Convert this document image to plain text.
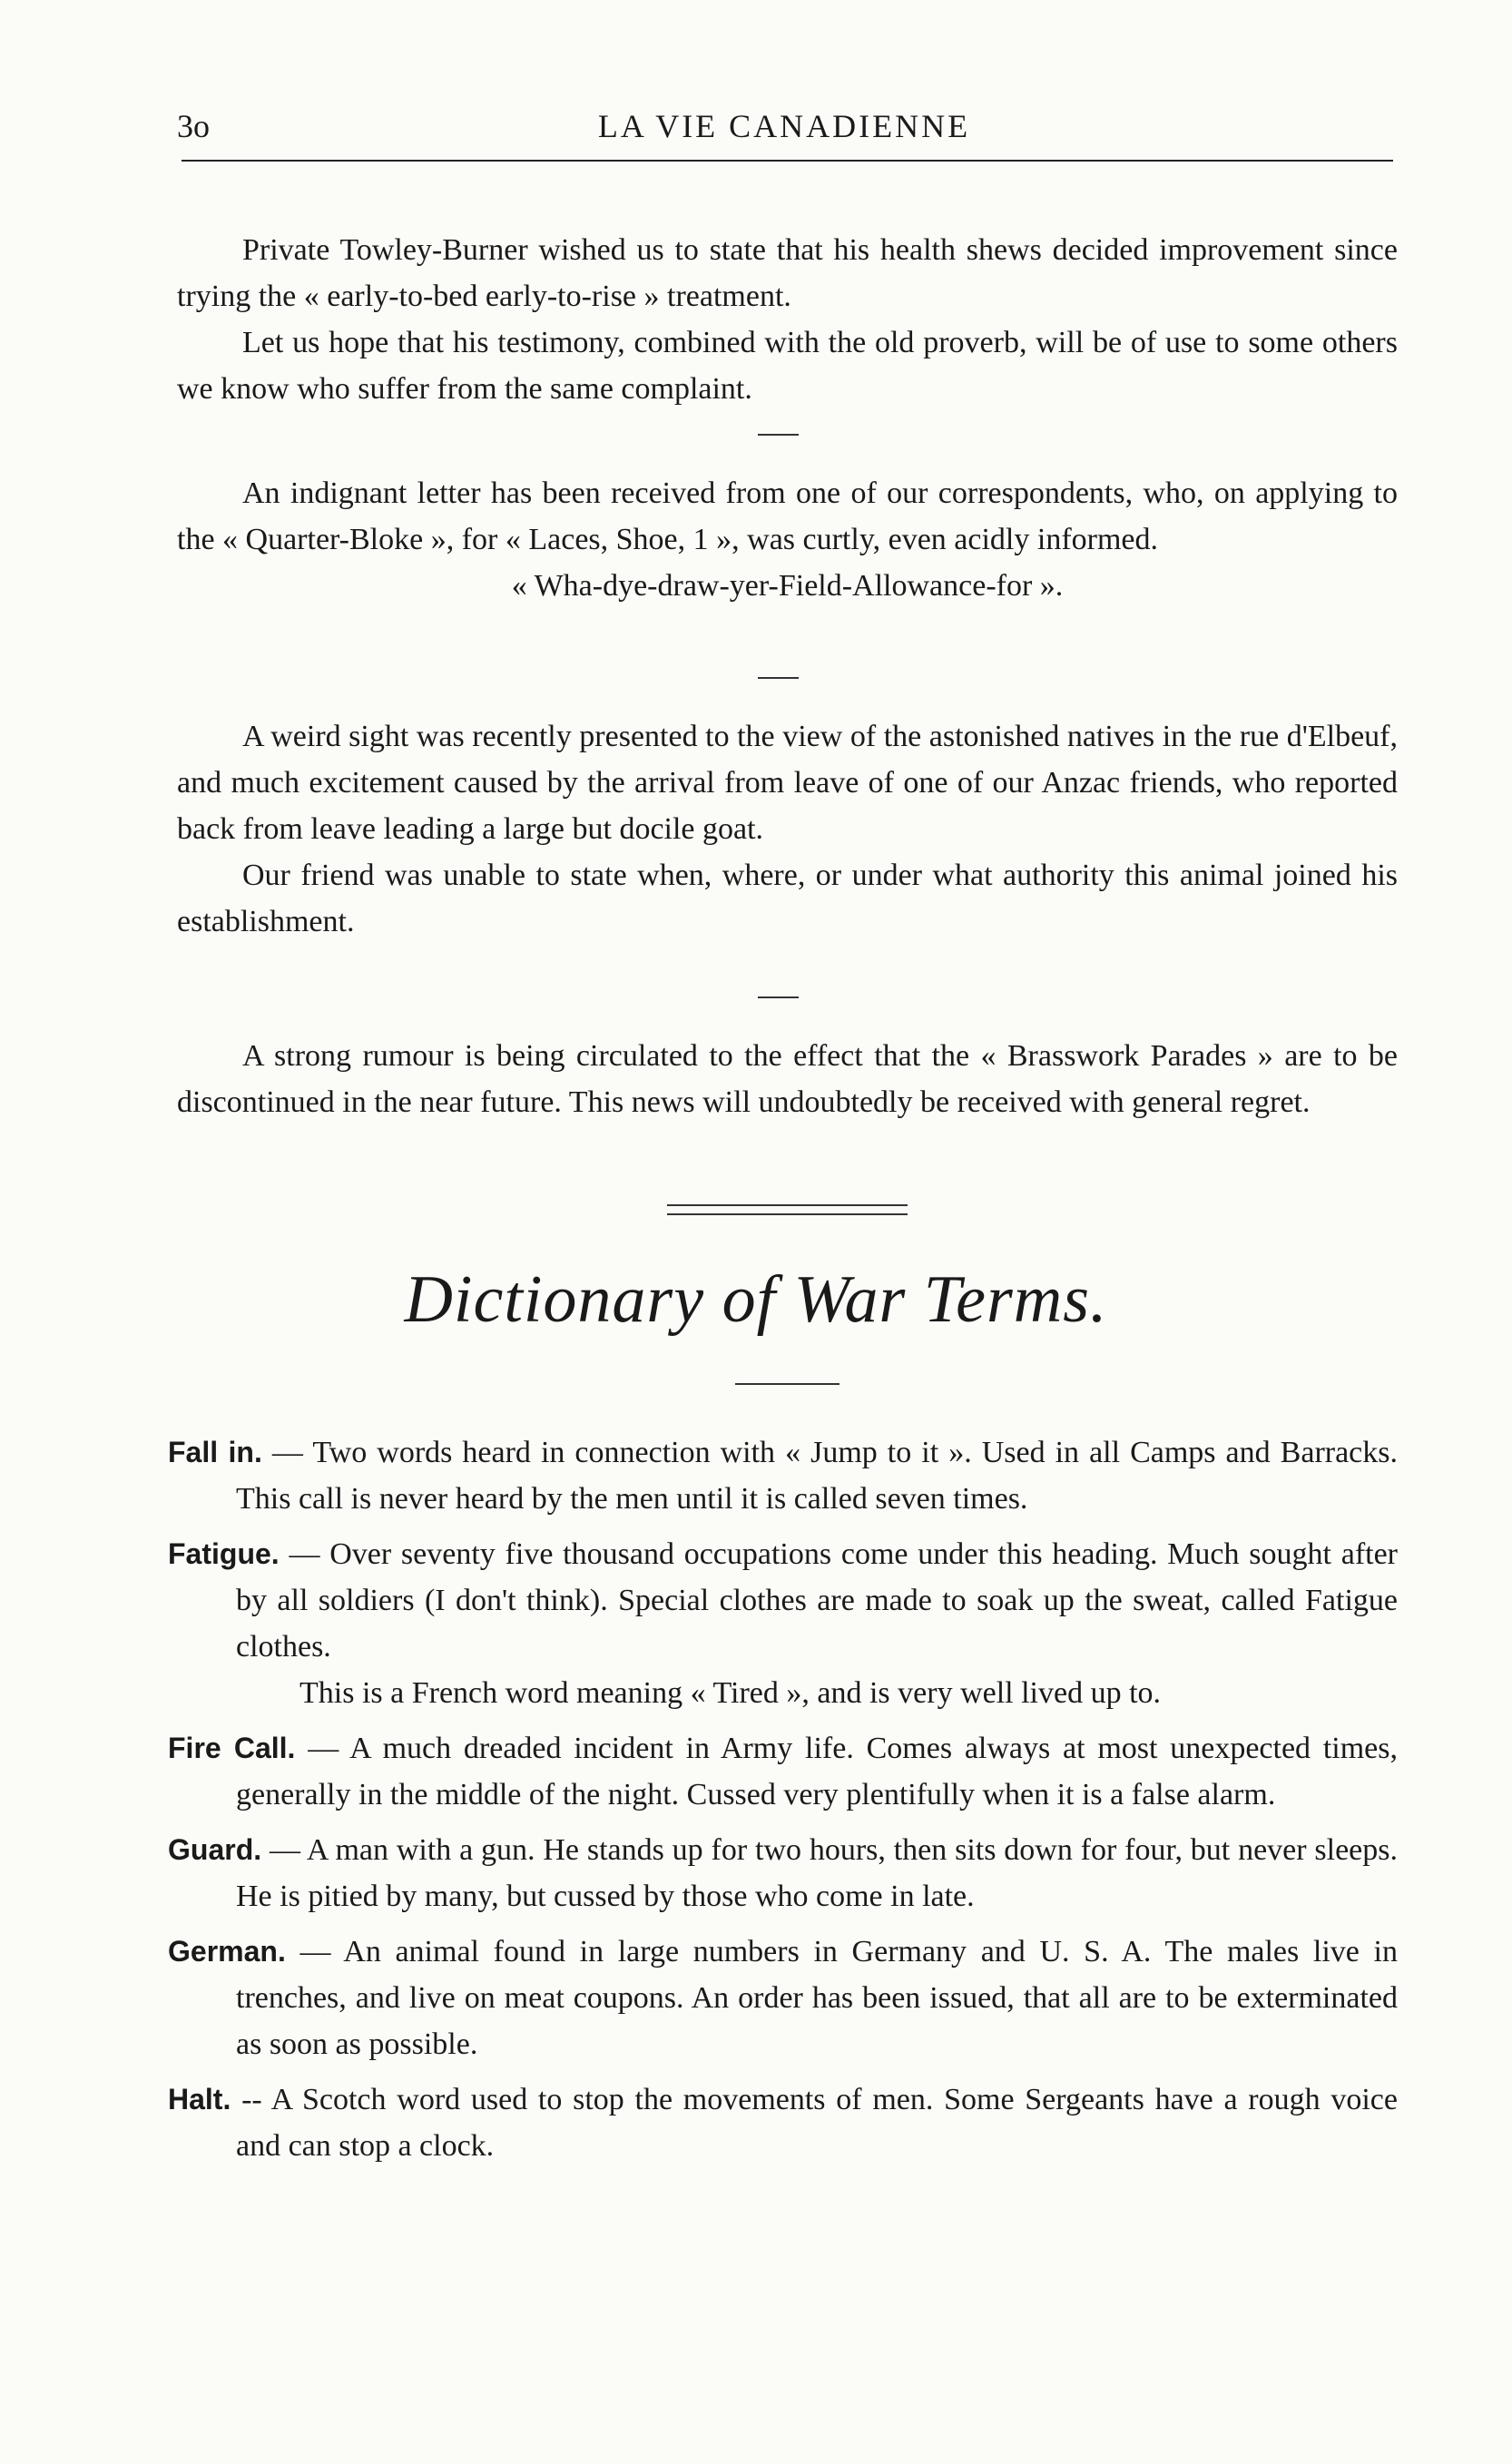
3o	LA VIE CANADIENNE

Private Towley-Burner wished us to state that his health shews decided improvement since trying the « early-to-bed early-to-rise » treatment.

Let us hope that his testimony, combined with the old proverb, will be of use to some others we know who suffer from the same complaint.

An indignant letter has been received from one of our correspondents, who, on applying to the « Quarter-Bloke », for « Laces, Shoe, 1 », was curtly, even acidly informed.

« Wha-dye-draw-yer-Field-Allowance-for ».

A weird sight was recently presented to the view of the astonished natives in the rue d'Elbeuf, and much excitement caused by the arrival from leave of one of our Anzac friends, who reported back from leave leading a large but docile goat.

Our friend was unable to state when, where, or under what authority this animal joined his establishment.

A strong rumour is being circulated to the effect that the « Brasswork Parades » are to be discontinued in the near future. This news will undoubtedly be received with general regret.

Dictionary of War Terms.
Fall in. — Two words heard in connection with « Jump to it ». Used in all Camps and Barracks. This call is never heard by the men until it is called seven times.
Fatigue. — Over seventy five thousand occupations come under this heading. Much sought after by all soldiers (I don't think). Special clothes are made to soak up the sweat, called Fatigue clothes.
This is a French word meaning « Tired », and is very well lived up to.
Fire Call. — A much dreaded incident in Army life. Comes always at most unexpected times, generally in the middle of the night. Cussed very plentifully when it is a false alarm.
Guard. — A man with a gun. He stands up for two hours, then sits down for four, but never sleeps. He is pitied by many, but cussed by those who come in late.
German. — An animal found in large numbers in Germany and U. S. A. The males live in trenches, and live on meat coupons. An order has been issued, that all are to be exterminated as soon as possible.
Halt. -- A Scotch word used to stop the movements of men. Some Sergeants have a rough voice and can stop a clock.
